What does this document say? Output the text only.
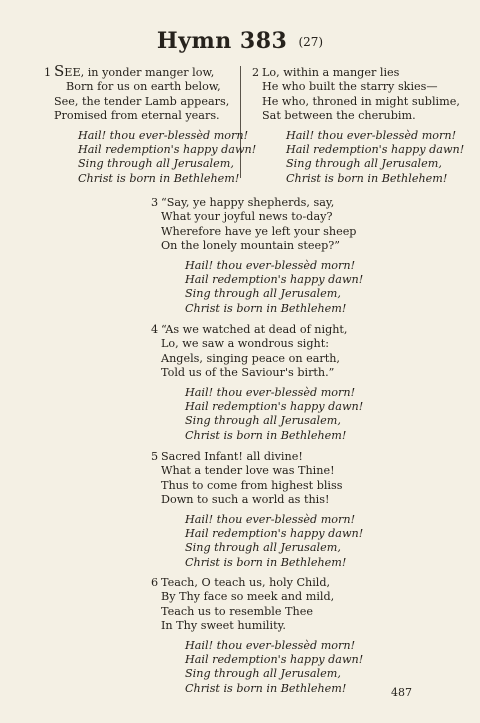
Hymn 383 (27)
1 SEE, in yonder manger low,
Born for us on earth below,
See, the tender Lamb appears,
Promised from eternal years.
Hail! thou ever-blessèd morn!
Hail redemption's happy dawn!
Sing through all Jerusalem,
Christ is born in Bethlehem!
2 Lo, within a manger lies
He who built the starry skies—
He who, throned in might sublime,
Sat between the cherubim.
Hail! thou ever-blessèd morn!
Hail redemption's happy dawn!
Sing through all Jerusalem,
Christ is born in Bethlehem!
3 “Say, ye happy shepherds, say,
What your joyful news to-day?
Wherefore have ye left your sheep
On the lonely mountain steep?”
Hail! thou ever-blessèd morn!
Hail redemption's happy dawn!
Sing through all Jerusalem,
Christ is born in Bethlehem!
4 “As we watched at dead of night,
Lo, we saw a wondrous sight:
Angels, singing peace on earth,
Told us of the Saviour's birth.”
Hail! thou ever-blessèd morn!
Hail redemption's happy dawn!
Sing through all Jerusalem,
Christ is born in Bethlehem!
5 Sacred Infant! all divine!
What a tender love was Thine!
Thus to come from highest bliss
Down to such a world as this!
Hail! thou ever-blessèd morn!
Hail redemption's happy dawn!
Sing through all Jerusalem,
Christ is born in Bethlehem!
6 Teach, O teach us, holy Child,
By Thy face so meek and mild,
Teach us to resemble Thee
In Thy sweet humility.
Hail! thou ever-blessèd morn!
Hail redemption's happy dawn!
Sing through all Jerusalem,
Christ is born in Bethlehem!	487
